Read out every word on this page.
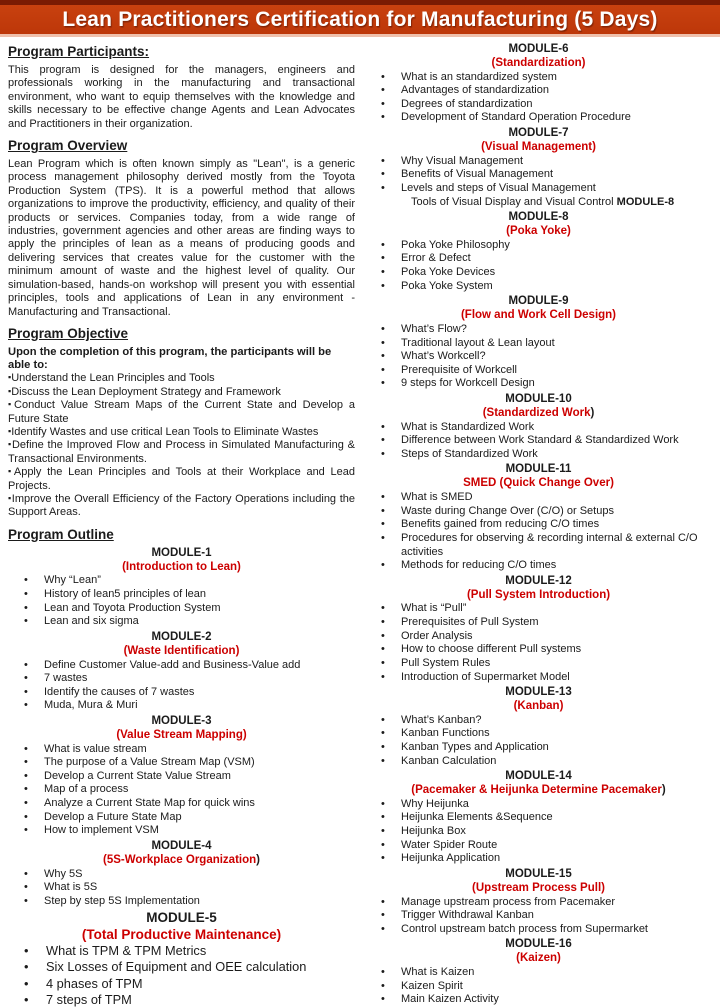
Lean Practitioners Certification for Manufacturing (5 Days)
Program Participants:

This program is designed for the managers, engineers and professionals working in the manufacturing and transactional environment, who want to equip themselves with the knowledge and skills necessary to be effective change Agents and Lean Advocates and Practitioners in their organization.

Program Overview

Lean Program which is often known simply as "Lean", is a generic process management philosophy derived mostly from the Toyota Production System (TPS). It is a powerful method that allows organizations to improve the productivity, efficiency, and quality of their products or services. Companies today, from a wide range of industries, government agencies and other areas are finding ways to apply the principles of lean as a means of producing goods and delivering services that creates value for the customer with the minimum amount of waste and the highest level of quality. Our simulation-based, hands-on workshop will present you with essential principles, tools and applications of Lean in any environment - Manufacturing and Transactional.

Program Objective

Upon the completion of this program, the participants will be able to:

▪Understand the Lean Principles and Tools
▪Discuss the Lean Deployment Strategy and Framework
▪Conduct Value Stream Maps of the Current State and Develop a Future State
▪Identify Wastes and use critical Lean Tools to Eliminate Wastes
▪Define the Improved Flow and Process in Simulated Manufacturing & Transactional Environments.
▪Apply the Lean Principles and Tools at their Workplace and Lead Projects.
▪Improve the Overall Efficiency of the Factory Operations including the Support Areas.
Program Outline
MODULE-1
(Introduction to Lean)
• Why “Lean”
• History of lean5 principles of lean
• Lean and Toyota Production System
• Lean and six sigma
MODULE-2
(Waste Identification)
• Define Customer Value-add and Business-Value add
• 7 wastes
• Identify the causes of 7 wastes
• Muda, Mura & Muri
MODULE-3
(Value Stream Mapping)
• What is value stream
• The purpose of a Value Stream Map (VSM)
• Develop a Current State Value Stream
• Map of a process
• Analyze a Current State Map for quick wins
• Develop a Future State Map
• How to implement VSM
MODULE-4
(5S-Workplace Organization)
• Why 5S
• What is 5S
• Step by step 5S Implementation
MODULE-5
(Total Productive Maintenance)
• What is TPM & TPM Metrics
• Six Losses of Equipment and OEE calculation
• 4 phases of TPM
• 7 steps of TPM
MODULE-6
(Standardization)
• What is an standardized system
• Advantages of standardization
• Degrees of standardization
• Development of Standard Operation Procedure
MODULE-7
(Visual Management)
• Why Visual Management
• Benefits of Visual Management
• Levels and steps of Visual Management
Tools of Visual Display and Visual Control MODULE-8
MODULE-8
(Poka Yoke)
• Poka Yoke Philosophy
• Error & Defect
• Poka Yoke Devices
• Poka Yoke System
MODULE-9
(Flow and Work Cell Design)
• What’s Flow?
• Traditional layout & Lean layout
• What’s Workcell?
• Prerequisite of Workcell
• 9 steps for Workcell Design
MODULE-10
(Standardized Work)
• What is Standardized Work
• Difference between Work Standard & Standardized Work
• Steps of Standardized Work
MODULE-11
SMED (Quick Change Over)
• What is SMED
• Waste during Change Over (C/O) or Setups
• Benefits gained from reducing C/O times
• Procedures for observing & recording internal & external C/O activities
• Methods for reducing C/O times
MODULE-12
(Pull System Introduction)
• What is “Pull”
• Prerequisites of Pull System
• Order Analysis
• How to choose different Pull systems
• Pull System Rules
• Introduction of Supermarket Model
MODULE-13
(Kanban)
• What’s Kanban?
• Kanban Functions
• Kanban Types and Application
• Kanban Calculation
MODULE-14
(Pacemaker & Heijunka Determine Pacemaker)
• Why Heijunka
• Heijunka Elements &Sequence
• Heijunka Box
• Water Spider Route
• Heijunka Application
MODULE-15
(Upstream Process Pull)
• Manage upstream process from Pacemaker
• Trigger Withdrawal Kanban
• Control upstream batch process from Supermarket
MODULE-16
(Kaizen)
• What is Kaizen
• Kaizen Spirit
• Main Kaizen Activity
